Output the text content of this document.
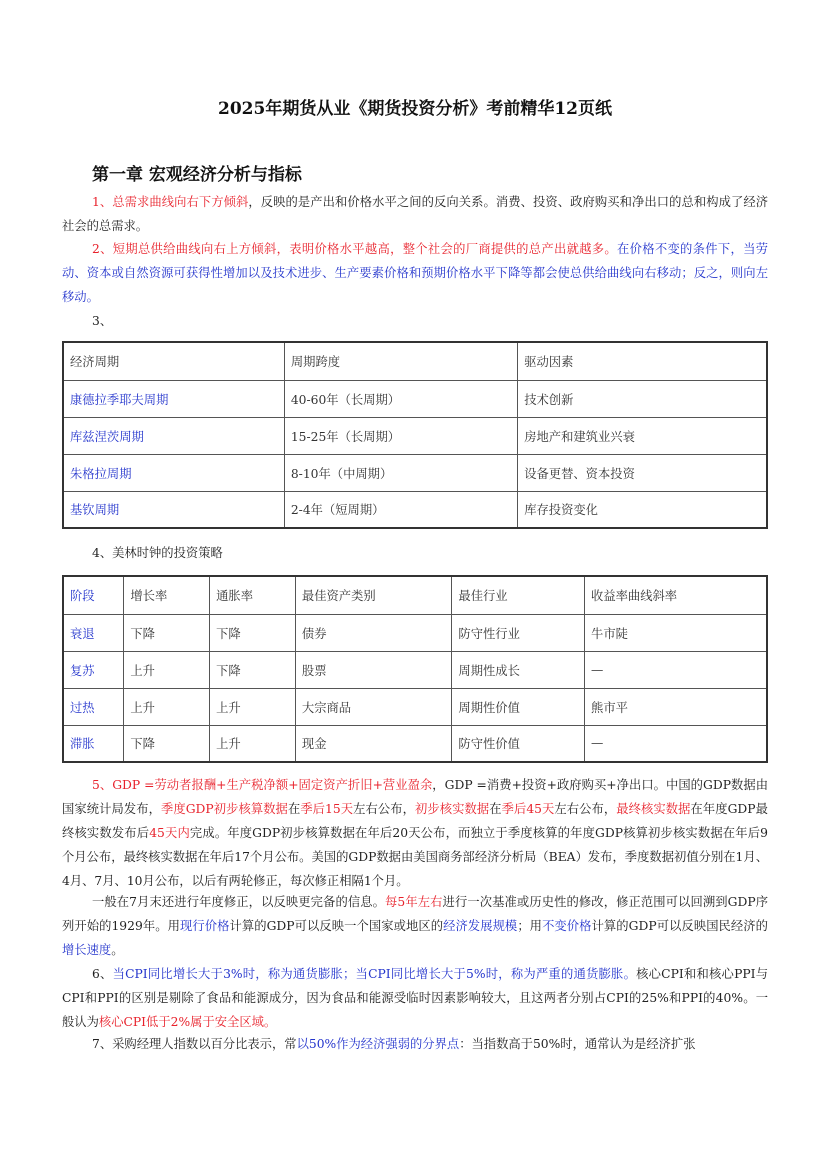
2025年期货从业《期货投资分析》考前精华12页纸
第一章 宏观经济分析与指标
1、总需求曲线向右下方倾斜，反映的是产出和价格水平之间的反向关系。消费、投资、政府购买和净出口的总和构成了经济社会的总需求。
2、短期总供给曲线向右上方倾斜，表明价格水平越高，整个社会的厂商提供的总产出就越多。在价格不变的条件下，当劳动、资本或自然资源可获得性增加以及技术进步、生产要素价格和预期价格水平下降等都会使总供给曲线向右移动；反之，则向左移动。
3、
经济周期	周期跨度	驱动因素
康德拉季耶夫周期	40-60年（长周期）	技术创新
库兹涅茨周期	15-25年（长周期）	房地产和建筑业兴衰
朱格拉周期	8-10年（中周期）	设备更替、资本投资
基钦周期	2-4年（短周期）	库存投资变化
4、美林时钟的投资策略
阶段	增长率	通胀率	最佳资产类别	最佳行业	收益率曲线斜率
衰退	下降	下降	债券	防守性行业	牛市陡
复苏	上升	下降	股票	周期性成长	—
过热	上升	上升	大宗商品	周期性价值	熊市平
滞胀	下降	上升	现金	防守性价值	—
5、GDP =劳动者报酬+生产税净额+固定资产折旧+营业盈余，GDP =消费+投资+政府购买+净出口。中国的GDP数据由国家统计局发布，季度GDP初步核算数据在季后15天左右公布，初步核实数据在季后45天左右公布，最终核实数据在年度GDP最终核实数发布后45天内完成。年度GDP初步核算数据在年后20天公布，而独立于季度核算的年度GDP核算初步核实数据在年后9个月公布，最终核实数据在年后17个月公布。美国的GDP数据由美国商务部经济分析局（BEA）发布，季度数据初值分别在1月、4月、7月、10月公布，以后有两轮修正，每次修正相隔1个月。
一般在7月末还进行年度修正，以反映更完备的信息。每5年左右进行一次基准或历史性的修改，修正范围可以回溯到GDP序列开始的1929年。用现行价格计算的GDP可以反映一个国家或地区的经济发展规模；用不变价格计算的GDP可以反映国民经济的增长速度。
6、当CPI同比增长大于3%时，称为通货膨胀；当CPI同比增长大于5%时，称为严重的通货膨胀。核心CPI和和核心PPI与CPI和PPI的区别是剔除了食品和能源成分，因为食品和能源受临时因素影响较大，且这两者分别占CPI的25%和PPI的40%。一般认为核心CPI低于2%属于安全区域。
7、采购经理人指数以百分比表示，常以50%作为经济强弱的分界点：当指数高于50%时，通常认为是经济扩张
